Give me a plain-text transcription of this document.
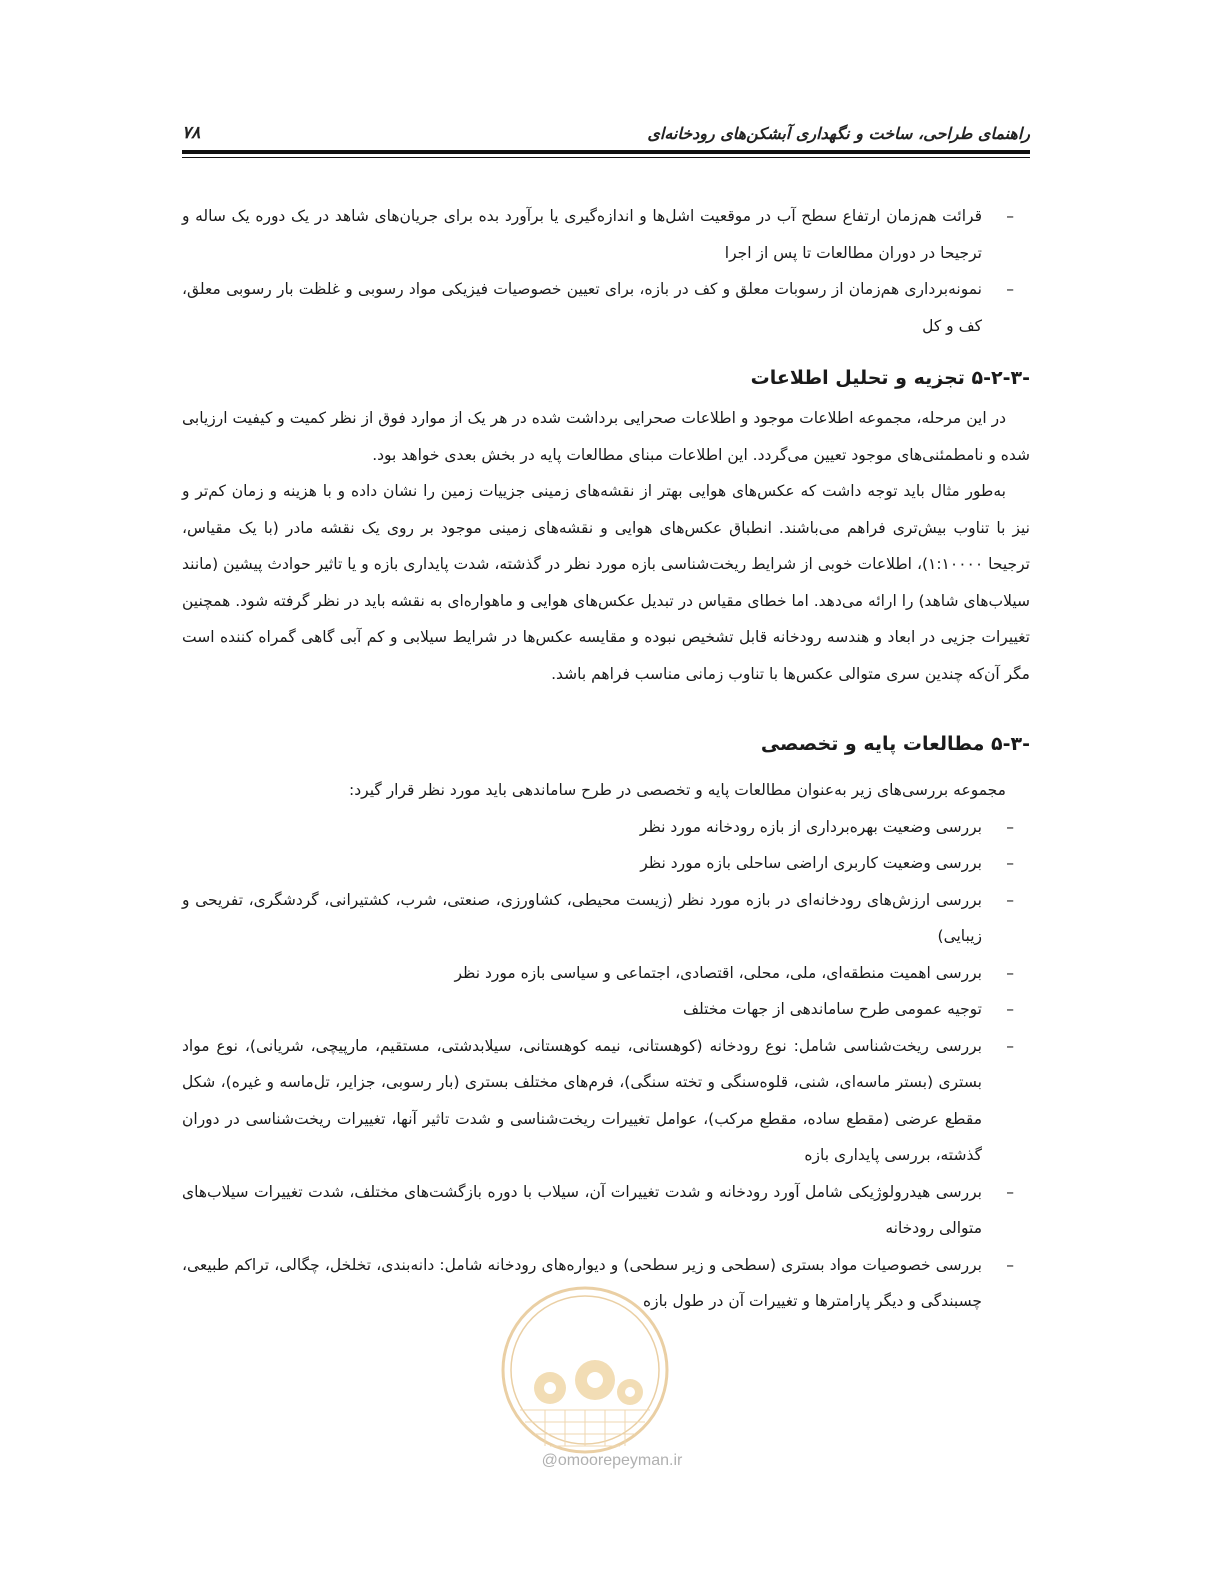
راهنمای طراحی، ساخت و نگهداری آبشکن‌های رودخانه‌ای
۷۸
–
قرائت هم‌زمان ارتفاع سطح آب در موقعیت اشل‌ها و اندازه‌گیری یا برآورد بده برای جریان‌های شاهد در یک دوره یک ساله و ترجیحا در دوران مطالعات تا پس از اجرا
–
نمونه‌برداری هم‌زمان از رسوبات معلق و کف در بازه، برای تعیین خصوصیات فیزیکی مواد رسوبی و غلظت بار رسوبی معلق، کف و کل
۵-۲-۳- تجزیه و تحلیل اطلاعات

در این مرحله، مجموعه اطلاعات موجود و اطلاعات صحرایی برداشت شده در هر یک از موارد فوق از نظر کمیت و کیفیت ارزیابی شده و نامطمئنی‌های موجود تعیین می‌گردد. این اطلاعات مبنای مطالعات پایه در بخش بعدی خواهد بود.

به‌طور مثال باید توجه داشت که عکس‌های هوایی بهتر از نقشه‌های زمینی جزییات زمین را نشان داده و با هزینه و زمان کم‌تر و نیز با تناوب بیش‌تری فراهم می‌باشند. انطباق عکس‌های هوایی و نقشه‌های زمینی موجود بر روی یک نقشه مادر (با یک مقیاس، ترجیحا ۱:۱۰۰۰۰)، اطلاعات خوبی از شرایط ریخت‌شناسی بازه مورد نظر در گذشته، شدت پایداری بازه و یا تاثیر حوادث پیشین (مانند سیلاب‌های شاهد) را ارائه می‌دهد. اما خطای مقیاس در تبدیل عکس‌های هوایی و ماهواره‌ای به نقشه باید در نظر گرفته شود. همچنین تغییرات جزیی در ابعاد و هندسه رودخانه قابل تشخیص نبوده و مقایسه عکس‌ها در شرایط سیلابی و کم آبی گاهی گمراه کننده است مگر آن‌که چندین سری متوالی عکس‌ها با تناوب زمانی مناسب فراهم باشد.

۵-۳- مطالعات پایه و تخصصی

مجموعه بررسی‌های زیر به‌عنوان مطالعات پایه و تخصصی در طرح ساماندهی باید مورد نظر قرار گیرد:

–
بررسی وضعیت بهره‌برداری از بازه رودخانه مورد نظر
–
بررسی وضعیت کاربری اراضی ساحلی بازه مورد نظر
–
بررسی ارزش‌های رودخانه‌ای در بازه مورد نظر (زیست محیطی، کشاورزی، صنعتی، شرب، کشتیرانی، گردشگری، تفریحی و زیبایی)
–
بررسی اهمیت منطقه‌ای، ملی، محلی، اقتصادی، اجتماعی و سیاسی بازه مورد نظر
–
توجیه عمومی طرح ساماندهی از جهات مختلف
–
بررسی ریخت‌شناسی شامل: نوع رودخانه (کوهستانی، نیمه کوهستانی، سیلابدشتی، مستقیم، مارپیچی، شریانی)، نوع مواد بستری (بستر ماسه‌ای، شنی، قلوه‌سنگی و تخته سنگی)، فرم‌های مختلف بستری (بار رسوبی، جزایر، تل‌ماسه و غیره)، شکل مقطع عرضی (مقطع ساده، مقطع مرکب)، عوامل تغییرات ریخت‌شناسی و شدت تاثیر آنها، تغییرات ریخت‌شناسی در دوران گذشته، بررسی پایداری بازه
–
بررسی هیدرولوژیکی شامل آورد رودخانه و شدت تغییرات آن، سیلاب با دوره بازگشت‌های مختلف، شدت تغییرات سیلاب‌های متوالی رودخانه
–
بررسی خصوصیات مواد بستری (سطحی و زیر سطحی) و دیواره‌های رودخانه شامل: دانه‌بندی، تخلخل، چگالی، تراکم طبیعی، چسبندگی و دیگر پارامترها و تغییرات آن در طول بازه
@omoorepeyman.ir
